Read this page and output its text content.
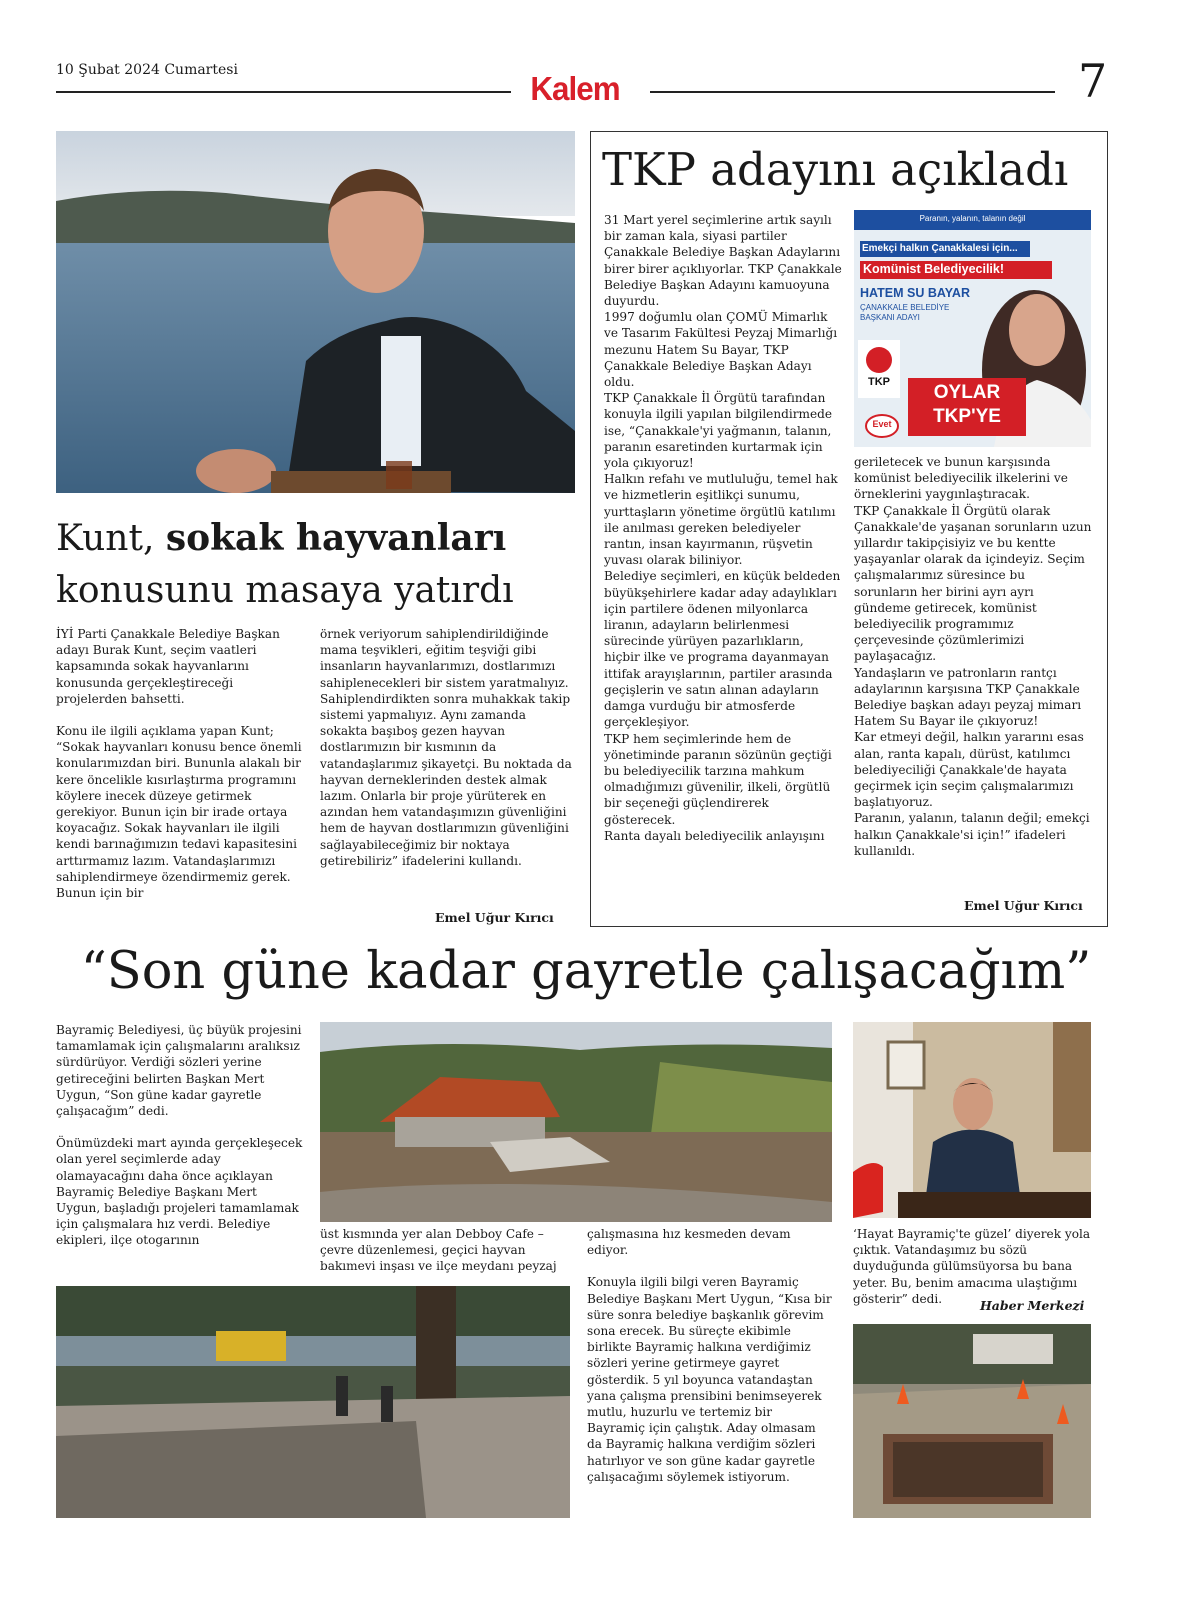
10 Şubat 2024 Cumartesi	Kalem	7
Kunt, sokak hayvanları
konusunu masaya yatırdı

İYİ Parti Çanakkale Belediye Başkan adayı Burak Kunt, seçim vaatleri kapsamında sokak hayvanlarını konusunda gerçekleştireceği projelerden bahsetti.

Konu ile ilgili açıklama yapan Kunt; “Sokak hayvanları konusu bence önemli konularımızdan biri. Bununla alakalı bir kere öncelikle kısırlaştırma programını köylere inecek düzeye getirmek gerekiyor. Bunun için bir irade ortaya koyacağız. Sokak hayvanları ile ilgili kendi barınağımızın tedavi kapasitesini arttırmamız lazım. Vatandaşlarımızı sahiplendirmeye özendirmemiz gerek. Bunun için bir

örnek veriyorum sahiplendirildiğinde mama teşvikleri, eğitim teşviği gibi insanların hayvanlarımızı, dostlarımızı sahiplenecekleri bir sistem yaratmalıyız. Sahiplendirdikten sonra muhakkak takip sistemi yapmalıyız. Aynı zamanda sokakta başıboş gezen hayvan dostlarımızın bir kısmının da vatandaşlarımız şikayetçi. Bu noktada da hayvan derneklerinden destek almak lazım. Onlarla bir proje yürüterek en azından hem vatandaşımızın güvenliğini hem de hayvan dostlarımızın güvenliğini sağlayabileceğimiz bir noktaya getirebiliriz” ifadelerini kullandı.

Emel Uğur Kırıcı
TKP adayını açıkladı

31 Mart yerel seçimlerine artık sayılı bir zaman kala, siyasi partiler Çanakkale Belediye Başkan Adaylarını birer birer açıklıyorlar. TKP Çanakkale Belediye Başkan Adayını kamuoyuna duyurdu.

1997 doğumlu olan ÇOMÜ Mimarlık ve Tasarım Fakültesi Peyzaj Mimarlığı mezunu Hatem Su Bayar, TKP Çanakkale Belediye Başkan Adayı oldu.

TKP Çanakkale İl Örgütü tarafından konuyla ilgili yapılan bilgilendirmede ise, “Çanakkale'yi yağmanın, talanın, paranın esaretinden kurtarmak için yola çıkıyoruz!

Halkın refahı ve mutluluğu, temel hak ve hizmetlerin eşitlikçi sunumu, yurttaşların yönetime örgütlü katılımı ile anılması gereken belediyeler rantın, insan kayırmanın, rüşvetin yuvası olarak biliniyor.

Belediye seçimleri, en küçük beldeden büyükşehirlere kadar aday adaylıkları için partilere ödenen milyonlarca liranın, adayların belirlenmesi sürecinde yürüyen pazarlıkların, hiçbir ilke ve programa dayanmayan ittifak arayışlarının, partiler arasında geçişlerin ve satın alınan adayların damga vurduğu bir atmosferde gerçekleşiyor.

TKP hem seçimlerinde hem de yönetiminde paranın sözünün geçtiği bu belediyecilik tarzına mahkum olmadığımızı güvenilir, ilkeli, örgütlü bir seçeneği güçlendirerek gösterecek.

Ranta dayalı belediyecilik anlayışını

Paranın, yalanın, talanın değil
Emekçi halkın Çanakkalesi için...
Komünist Belediyecilik!
HATEM SU BAYAR
ÇANAKKALE BELEDİYE
BAŞKANI ADAYI
TKP	OYLAR
TKP'YE
Evet

geriletecek ve bunun karşısında komünist belediyecilik ilkelerini ve örneklerini yaygınlaştıracak.

TKP Çanakkale İl Örgütü olarak Çanakkale'de yaşanan sorunların uzun yıllardır takipçisiyiz ve bu kentte yaşayanlar olarak da içindeyiz. Seçim çalışmalarımız süresince bu sorunların her birini ayrı ayrı gündeme getirecek, komünist belediyecilik programımız çerçevesinde çözümlerimizi paylaşacağız.

Yandaşların ve patronların rantçı adaylarının karşısına TKP Çanakkale Belediye başkan adayı peyzaj mimarı Hatem Su Bayar ile çıkıyoruz!

Kar etmeyi değil, halkın yararını esas alan, ranta kapalı, dürüst, katılımcı belediyeciliği Çanakkale'de hayata geçirmek için seçim çalışmalarımızı başlatıyoruz.

Paranın, yalanın, talanın değil; emekçi halkın Çanakkale'si için!” ifadeleri kullanıldı.

Emel Uğur Kırıcı
“Son güne kadar gayretle çalışacağım”

Bayramiç Belediyesi, üç büyük projesini tamamlamak için çalışmalarını aralıksız sürdürüyor. Verdiği sözleri yerine getireceğini belirten Başkan Mert Uygun, “Son güne kadar gayretle çalışacağım” dedi.

Önümüzdeki mart ayında gerçekleşecek olan yerel seçimlerde aday olamayacağını daha önce açıklayan Bayramiç Belediye Başkanı Mert Uygun, başladığı projeleri tamamlamak için çalışmalara hız verdi. Belediye ekipleri, ilçe otogarının	üst kısmında yer alan Debboy Cafe – çevre düzenlemesi, geçici hayvan bakımevi inşası ve ilçe meydanı peyzaj

çalışmasına hız kesmeden devam ediyor.

Konuyla ilgili bilgi veren Bayramiç Belediye Başkanı Mert Uygun, “Kısa bir süre sonra belediye başkanlık görevim sona erecek. Bu süreçte ekibimle birlikte Bayramiç halkına verdiğimiz sözleri yerine getirmeye gayret gösterdik. 5 yıl boyunca vatandaştan yana çalışma prensibini benimseyerek mutlu, huzurlu ve tertemiz bir Bayramiç için çalıştık. Aday olmasam da Bayramiç halkına verdiğim sözleri hatırlıyor ve son güne kadar gayretle çalışacağımı söylemek istiyorum.

‘Hayat Bayramiç'te güzel’ diyerek yola çıktık. Vatandaşımız bu sözü duyduğunda gülümsüyorsa bu bana yeter. Bu, benim amacıma ulaştığımı gösterir” dedi.	Haber Merkezi
